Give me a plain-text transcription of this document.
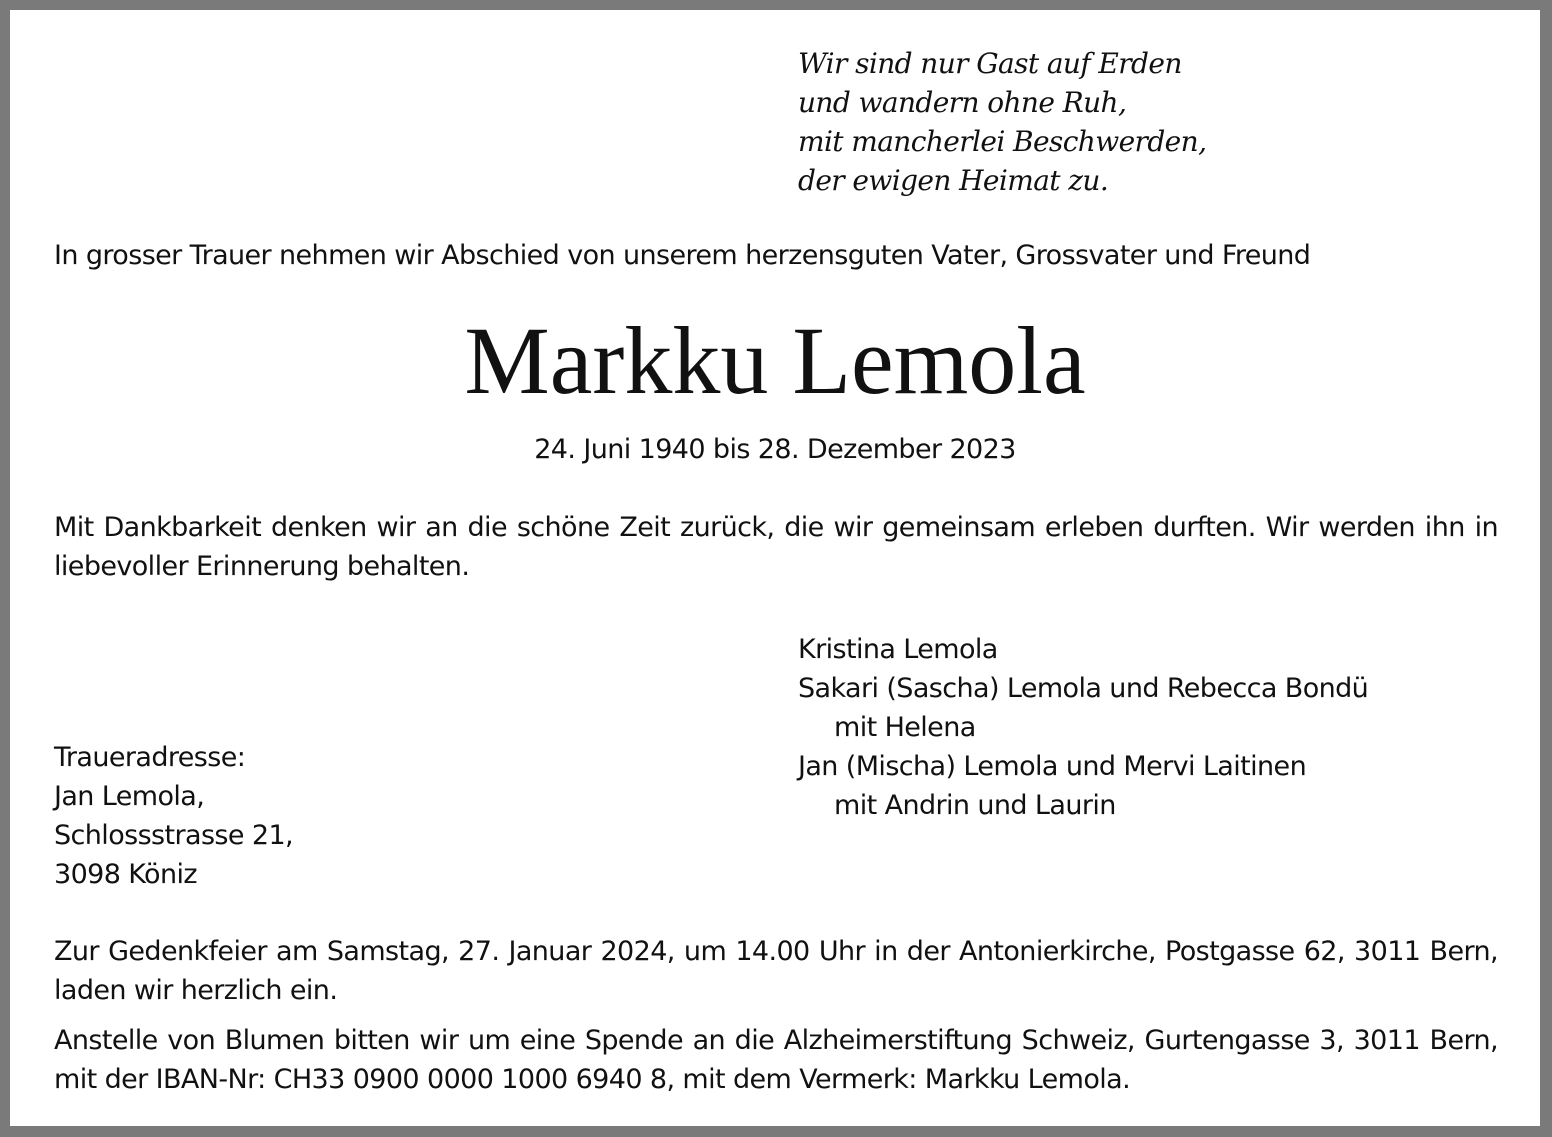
Wir sind nur Gast auf Erden
und wandern ohne Ruh,
mit mancherlei Beschwerden,
der ewigen Heimat zu.
In grosser Trauer nehmen wir Abschied von unserem herzensguten Vater, Grossvater und Freund
Markku Lemola
24. Juni 1940 bis 28. Dezember 2023
Mit Dankbarkeit denken wir an die schöne Zeit zurück, die wir gemeinsam erleben durften. Wir werden ihn in liebevoller Erinnerung behalten.
Kristina Lemola
Sakari (Sascha) Lemola und Rebecca Bondü
mit Helena
Jan (Mischa) Lemola und Mervi Laitinen
mit Andrin und Laurin
Traueradresse:
Jan Lemola,
Schlossstrasse 21,
3098 Köniz
Zur Gedenkfeier am Samstag, 27. Januar 2024, um 14.00 Uhr in der Antonierkirche, Postgasse 62, 3011 Bern, laden wir herzlich ein.
Anstelle von Blumen bitten wir um eine Spende an die Alzheimerstiftung Schweiz, Gurtengasse 3, 3011 Bern, mit der IBAN-Nr: CH33 0900 0000 1000 6940 8, mit dem Vermerk: Markku Lemola.
